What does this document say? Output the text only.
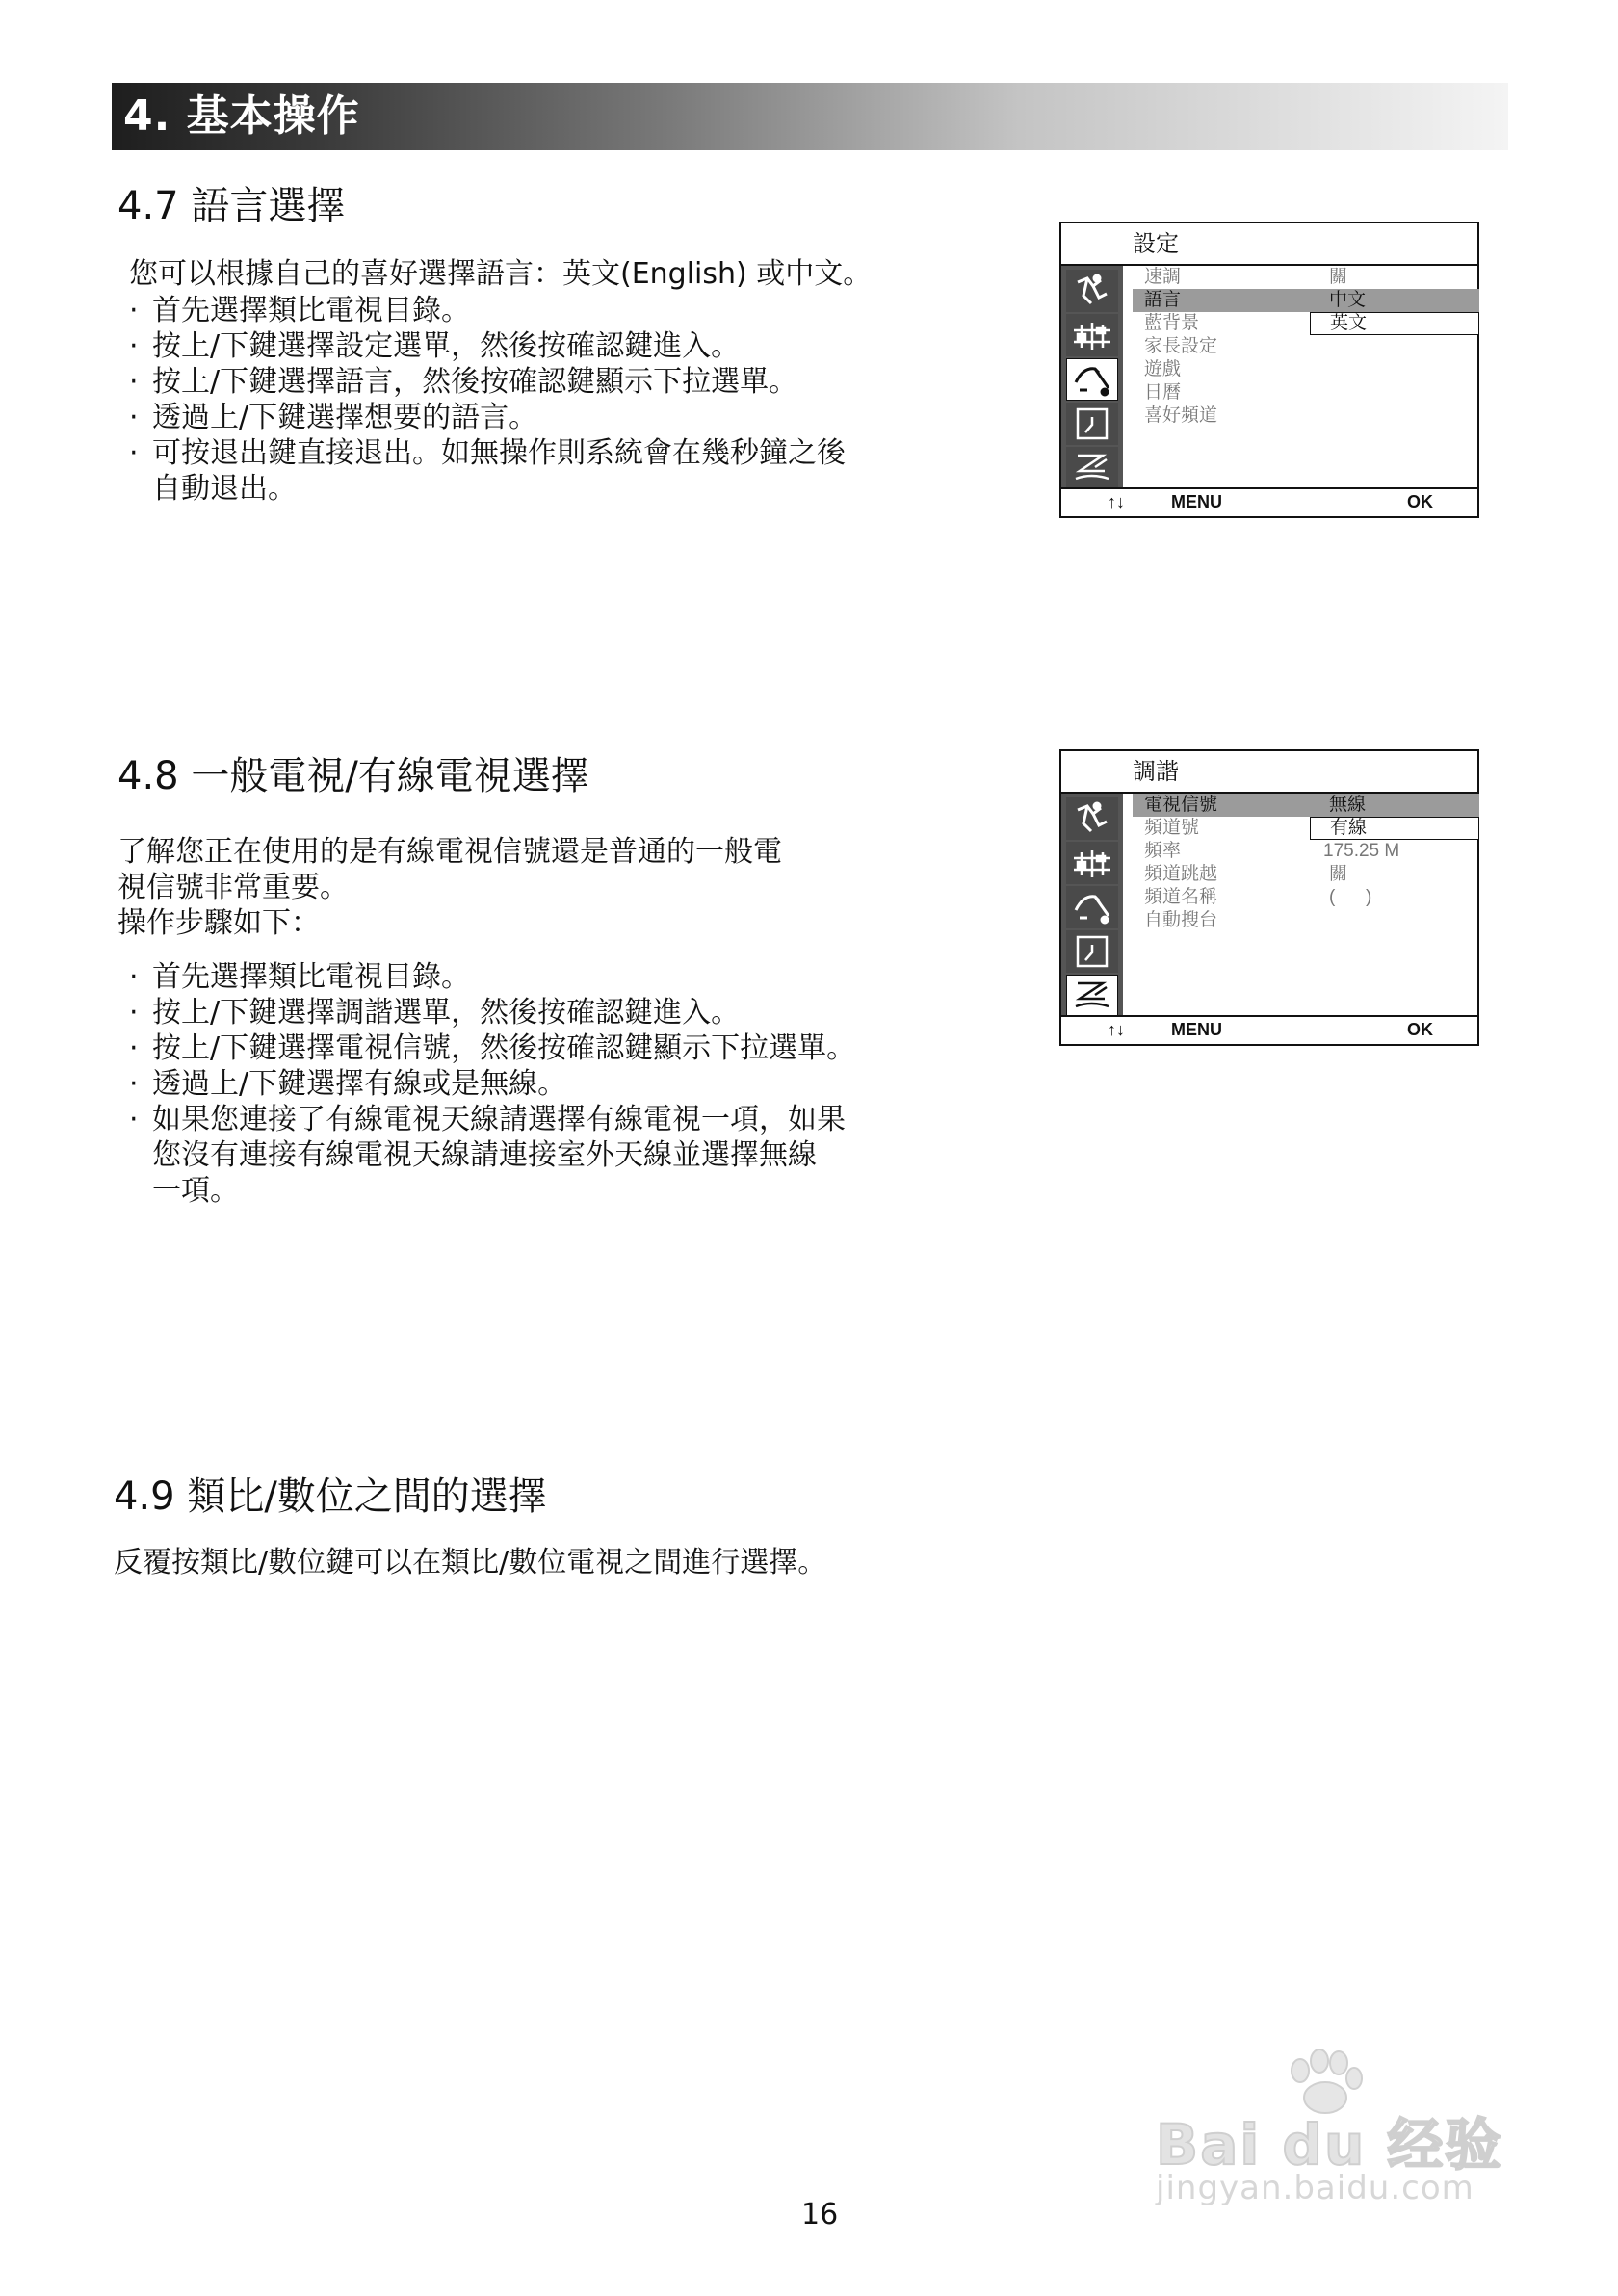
4. 基本操作
4.7 語言選擇
您可以根據自己的喜好選擇語言：英文(English) 或中文。
· 首先選擇類比電視目錄。
· 按上/下鍵選擇設定選單，然後按確認鍵進入。
· 按上/下鍵選擇語言，然後按確認鍵顯示下拉選單。
· 透過上/下鍵選擇想要的語言。
· 可按退出鍵直接退出。如無操作則系統會在幾秒鐘之後
自動退出。
設定
速調	關
語言	中文
英文
藍背景
家長設定
遊戲
日曆
喜好頻道
↑↓	MENU	OK
4.8 一般電視/有線電視選擇
了解您正在使用的是有線電視信號還是普通的一般電
視信號非常重要。
操作步驟如下：
· 首先選擇類比電視目錄。
· 按上/下鍵選擇調諧選單，然後按確認鍵進入。
· 按上/下鍵選擇電視信號，然後按確認鍵顯示下拉選單。
· 透過上/下鍵選擇有線或是無線。
· 如果您連接了有線電視天線請選擇有線電視一項，如果
您沒有連接有線電視天線請連接室外天線並選擇無線
一項。
調諧
電視信號	無線
有線
頻道號
頻率	175.25 M
頻道跳越	關
頻道名稱	(      )
自動搜台
↑↓	MENU	OK
4.9 類比/數位之間的選擇
反覆按類比/數位鍵可以在類比/數位電視之間進行選擇。
16
Bai du 经验
jingyan.baidu.com
